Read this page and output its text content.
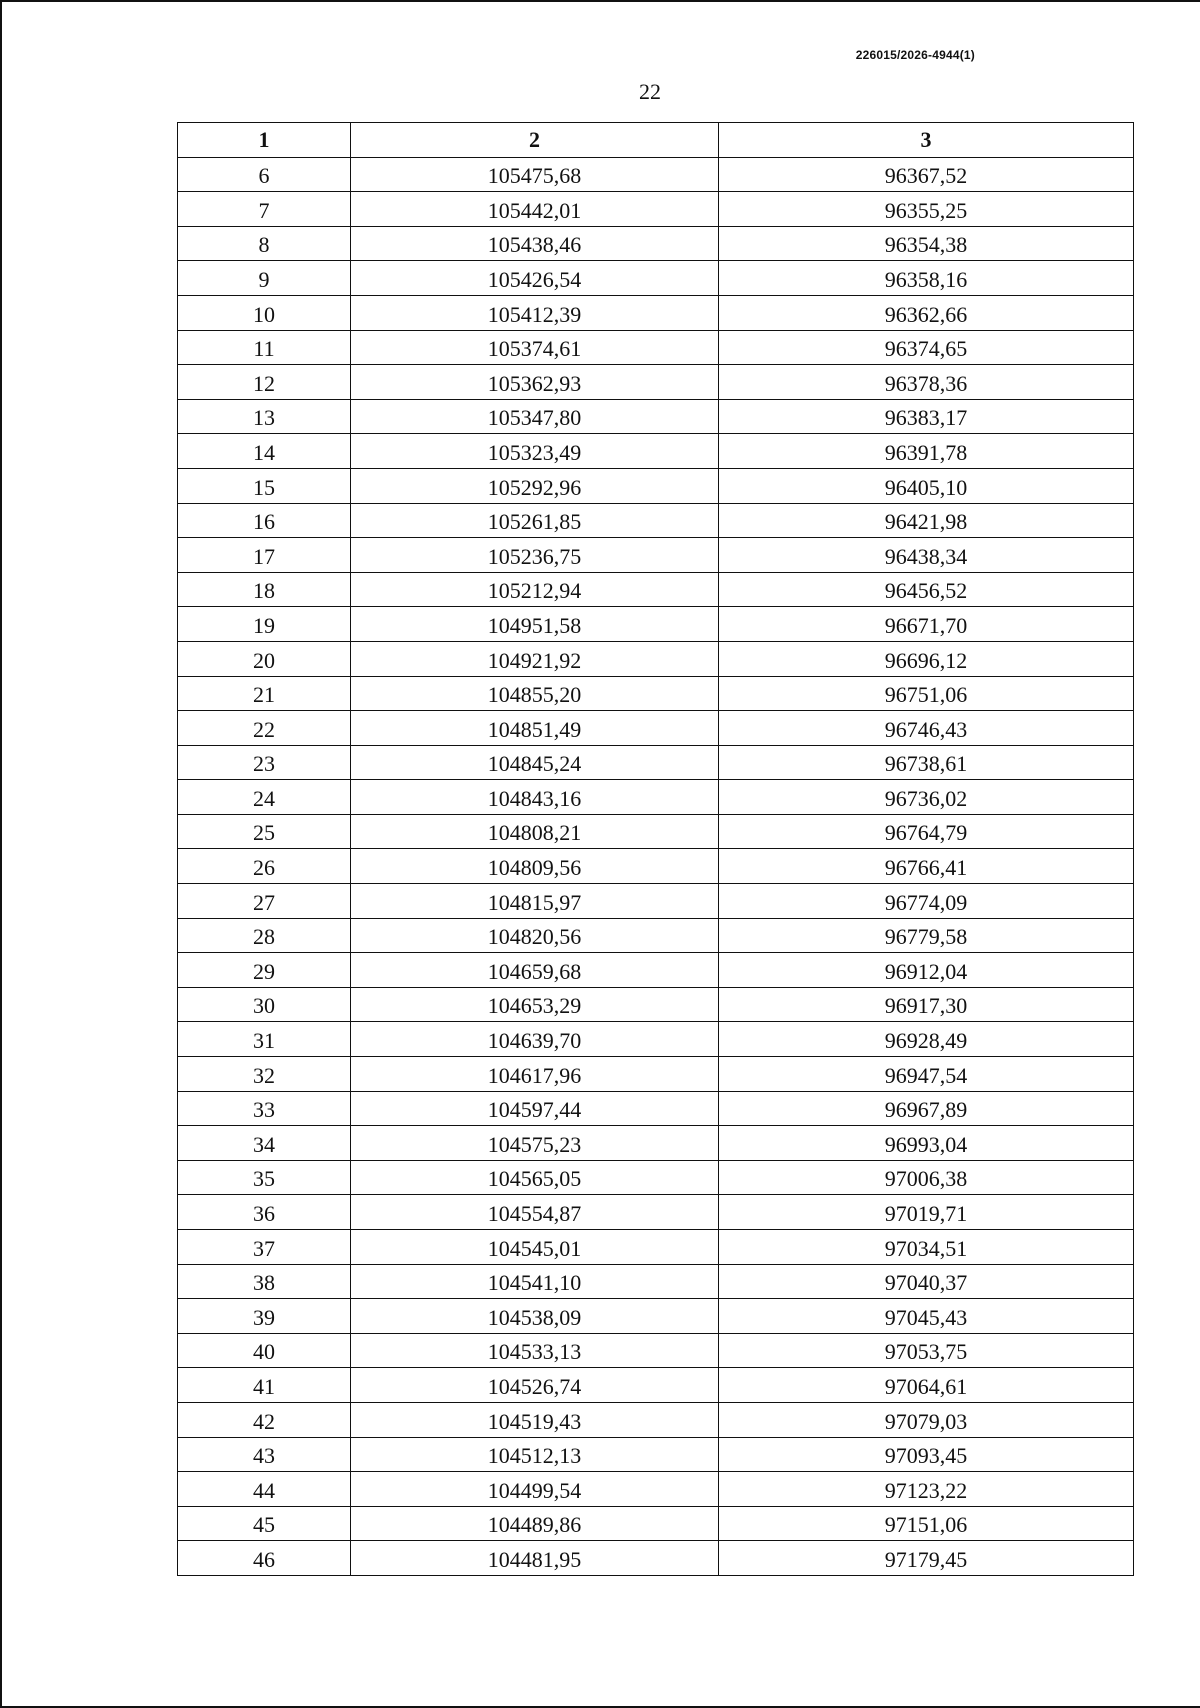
226015/2026-4944(1)
22
1	2	3
6	105475,68	96367,52
7	105442,01	96355,25
8	105438,46	96354,38
9	105426,54	96358,16
10	105412,39	96362,66
11	105374,61	96374,65
12	105362,93	96378,36
13	105347,80	96383,17
14	105323,49	96391,78
15	105292,96	96405,10
16	105261,85	96421,98
17	105236,75	96438,34
18	105212,94	96456,52
19	104951,58	96671,70
20	104921,92	96696,12
21	104855,20	96751,06
22	104851,49	96746,43
23	104845,24	96738,61
24	104843,16	96736,02
25	104808,21	96764,79
26	104809,56	96766,41
27	104815,97	96774,09
28	104820,56	96779,58
29	104659,68	96912,04
30	104653,29	96917,30
31	104639,70	96928,49
32	104617,96	96947,54
33	104597,44	96967,89
34	104575,23	96993,04
35	104565,05	97006,38
36	104554,87	97019,71
37	104545,01	97034,51
38	104541,10	97040,37
39	104538,09	97045,43
40	104533,13	97053,75
41	104526,74	97064,61
42	104519,43	97079,03
43	104512,13	97093,45
44	104499,54	97123,22
45	104489,86	97151,06
46	104481,95	97179,45
